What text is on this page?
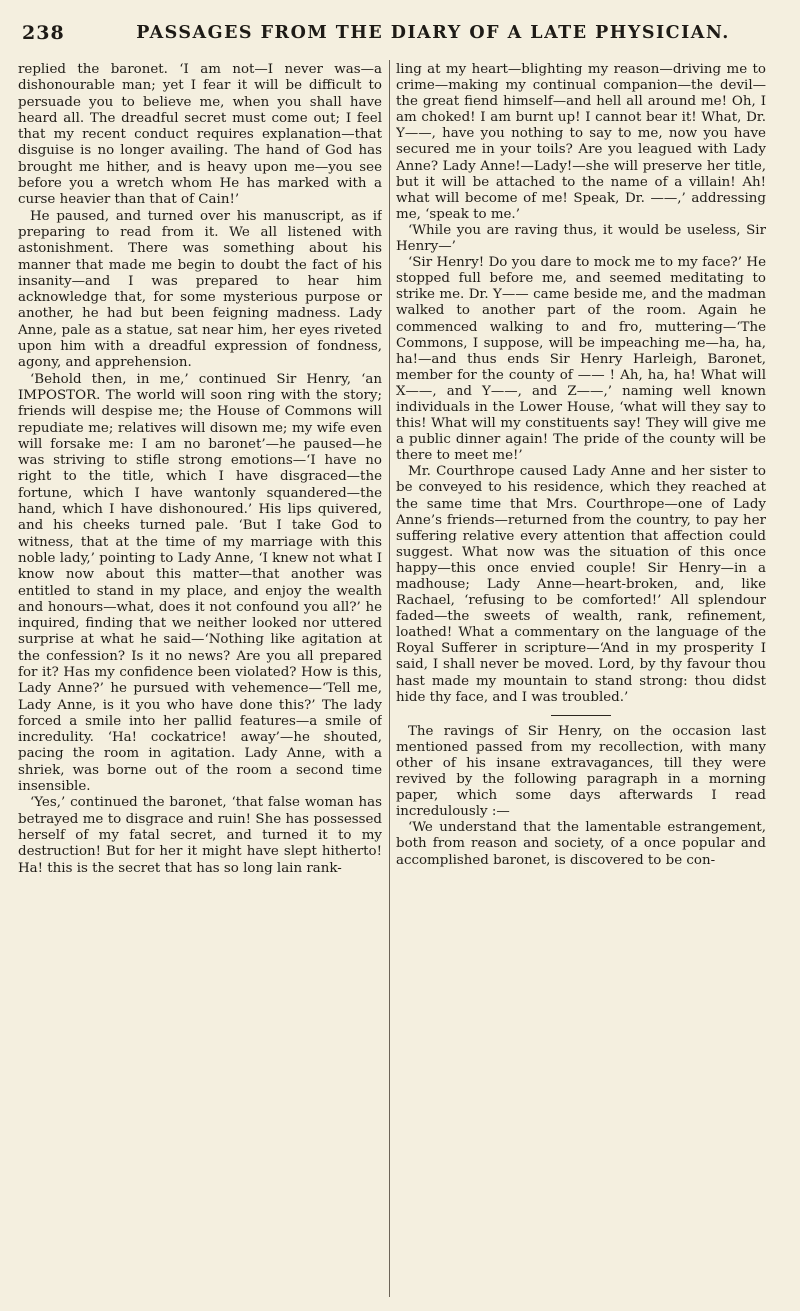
238	PASSAGES FROM THE DIARY OF A LATE PHYSICIAN.

replied the baronet. ‘I am not—I never was—a dishonourable man; yet I fear it will be difficult to persuade you to believe me, when you shall have heard all. The dreadful secret must come out; I feel that my recent conduct requires explanation—that disguise is no longer availing. The hand of God has brought me hither, and is heavy upon me—you see before you a wretch whom He has marked with a curse heavier than that of Cain!’

He paused, and turned over his manuscript, as if preparing to read from it. We all listened with astonishment. There was something about his manner that made me begin to doubt the fact of his insanity—and I was prepared to hear him acknowledge that, for some mysterious purpose or another, he had but been feigning madness. Lady Anne, pale as a statue, sat near him, her eyes riveted upon him with a dreadful expression of fondness, agony, and apprehension.

‘Behold then, in me,’ continued Sir Henry, ‘an IMPOSTOR. The world will soon ring with the story; friends will despise me; the House of Commons will repudiate me; relatives will disown me; my wife even will forsake me: I am no baronet’—he paused—he was striving to stifle strong emotions—‘I have no right to the title, which I have disgraced—the fortune, which I have wantonly squandered—the hand, which I have dishonoured.’ His lips quivered, and his cheeks turned pale. ‘But I take God to witness, that at the time of my marriage with this noble lady,’ pointing to Lady Anne, ‘I knew not what I know now about this matter—that another was entitled to stand in my place, and enjoy the wealth and honours—what, does it not confound you all?’ he inquired, finding that we neither looked nor uttered surprise at what he said—‘Nothing like agitation at the confession? Is it no news? Are you all prepared for it? Has my confidence been violated? How is this, Lady Anne?’ he pursued with vehemence—‘Tell me, Lady Anne, is it you who have done this?’ The lady forced a smile into her pallid features—a smile of incredulity. ‘Ha! cockatrice! away’—he shouted, pacing the room in agitation. Lady Anne, with a shriek, was borne out of the room a second time insensible.

‘Yes,’ continued the baronet, ‘that false woman has betrayed me to disgrace and ruin! She has possessed herself of my fatal secret, and turned it to my destruction! But for her it might have slept hitherto! Ha! this is the secret that has so long lain rank-

ling at my heart—blighting my reason—driving me to crime—making my continual companion—the devil—the great fiend himself—and hell all around me! Oh, I am choked! I am burnt up! I cannot bear it! What, Dr. Y——, have you nothing to say to me, now you have secured me in your toils? Are you leagued with Lady Anne? Lady Anne!—Lady!—she will preserve her title, but it will be attached to the name of a villain! Ah! what will become of me! Speak, Dr. ——,’ addressing me, ‘speak to me.’

‘While you are raving thus, it would be useless, Sir Henry—’

‘Sir Henry! Do you dare to mock me to my face?’ He stopped full before me, and seemed meditating to strike me. Dr. Y—— came beside me, and the madman walked to another part of the room. Again he commenced walking to and fro, muttering—‘The Commons, I suppose, will be impeaching me—ha, ha, ha!—and thus ends Sir Henry Harleigh, Baronet, member for the county of —— ! Ah, ha, ha! What will X——, and Y——, and Z——,’ naming well known individuals in the Lower House, ‘what will they say to this! What will my constituents say! They will give me a public dinner again! The pride of the county will be there to meet me!’

Mr. Courthrope caused Lady Anne and her sister to be conveyed to his residence, which they reached at the same time that Mrs. Courthrope—one of Lady Anne’s friends—returned from the country, to pay her suffering relative every attention that affection could suggest. What now was the situation of this once happy—this once envied couple! Sir Henry—in a madhouse; Lady Anne—heart-broken, and, like Rachael, ‘refusing to be comforted!’ All splendour faded—the sweets of wealth, rank, refinement, loathed! What a commentary on the language of the Royal Sufferer in scripture—‘And in my prosperity I said, I shall never be moved. Lord, by thy favour thou hast made my mountain to stand strong: thou didst hide thy face, and I was troubled.’

The ravings of Sir Henry, on the occasion last mentioned passed from my recollection, with many other of his insane extravagances, till they were revived by the following paragraph in a morning paper, which some days afterwards I read incredulously :—

‘We understand that the lamentable estrangement, both from reason and society, of a once popular and accomplished baronet, is discovered to be con-
